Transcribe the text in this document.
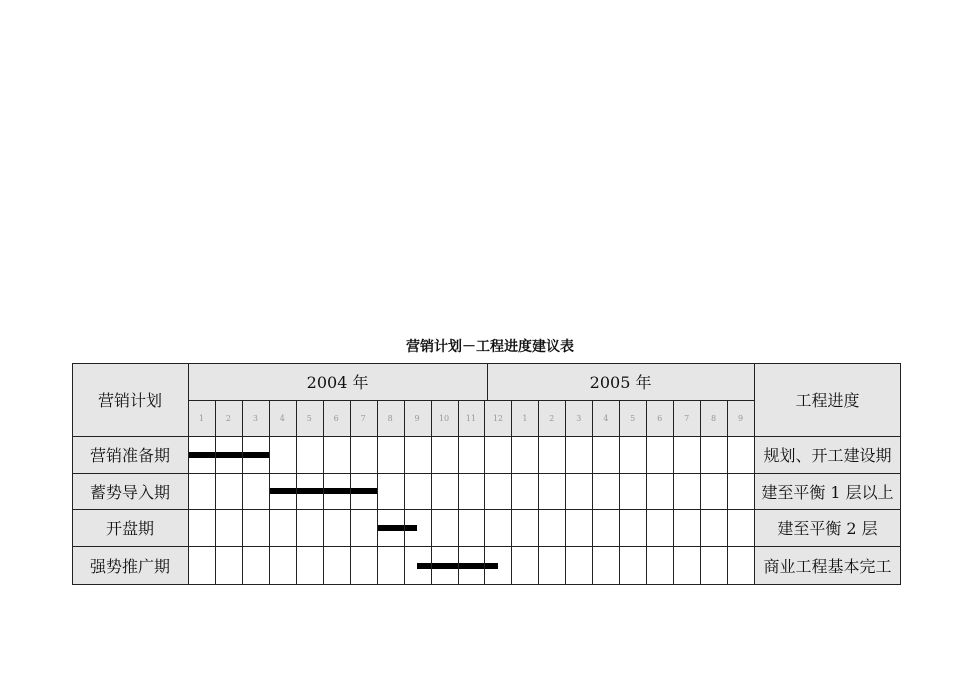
营销计划－工程进度建议表
营销计划
2004 年	2005 年
工程进度
1	2	3	4	5	6	7	8	9	10	11	12	1	2	3	4	5	6	7	8	9
营销准备期	规划、开工建设期
蓄势导入期	建至平衡 1 层以上
开盘期	建至平衡 2 层
强势推广期	商业工程基本完工
